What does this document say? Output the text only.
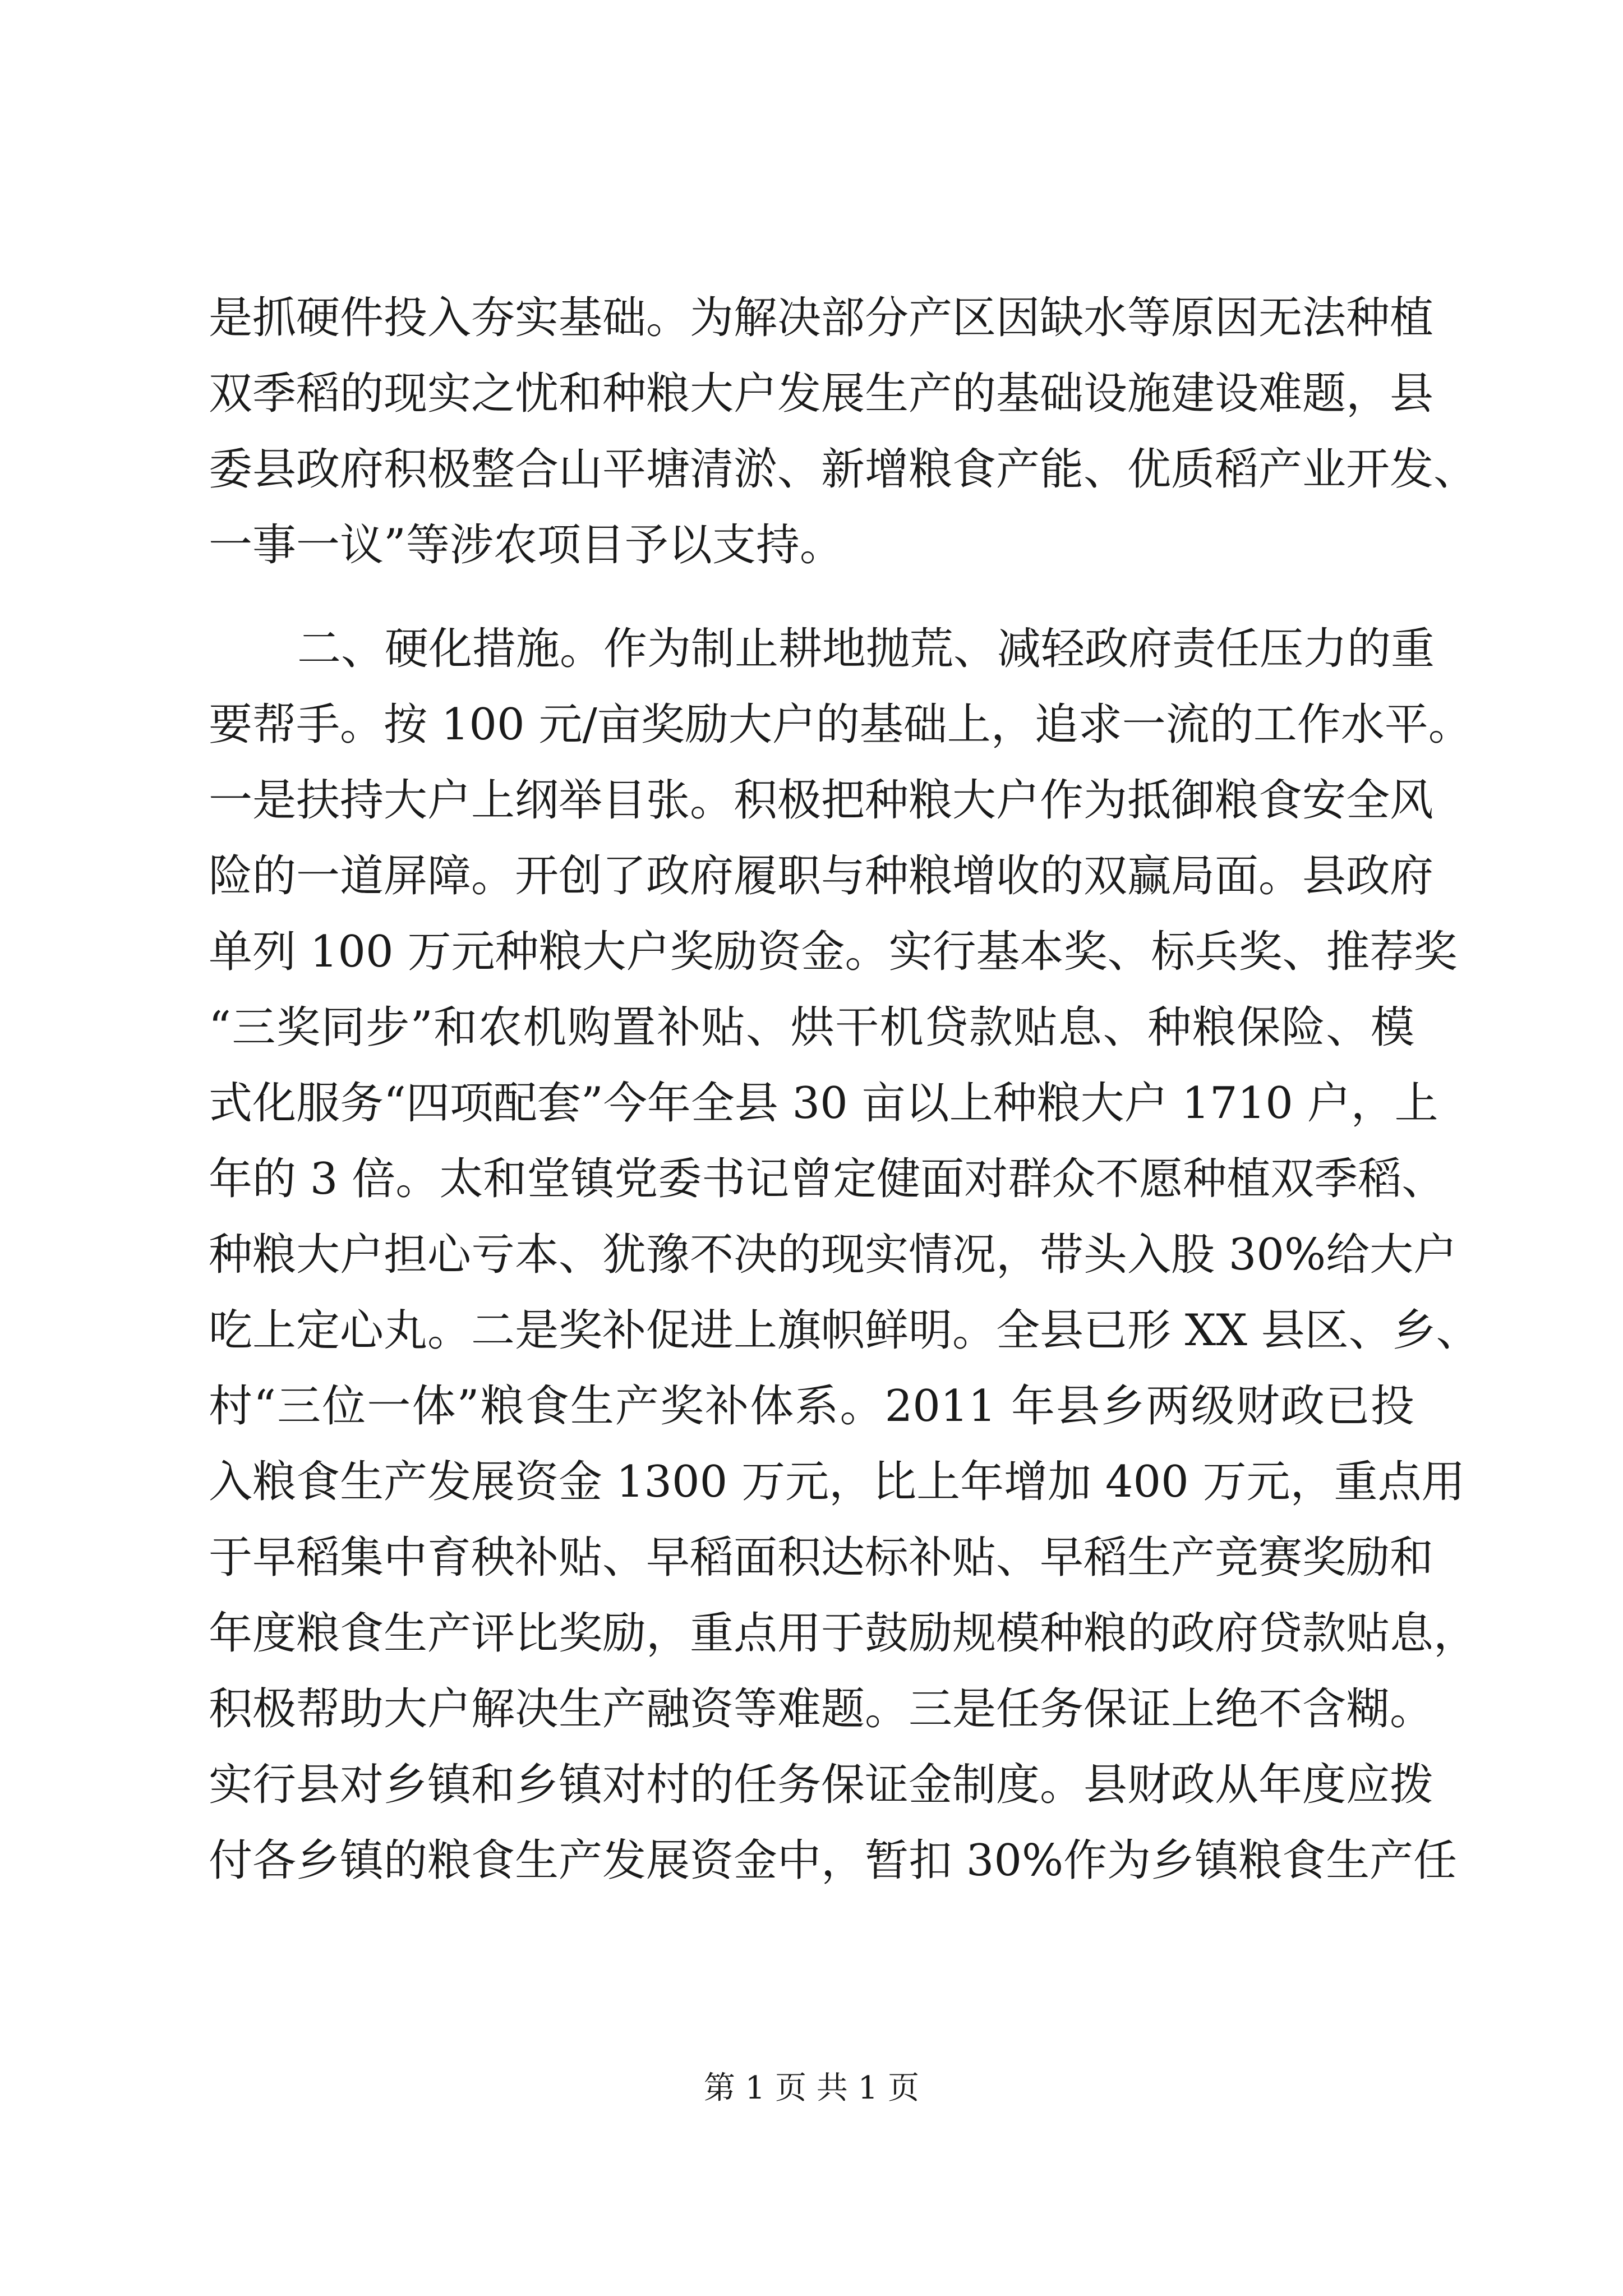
是抓硬件投入夯实基础。为解决部分产区因缺水等原因无法种植
双季稻的现实之忧和种粮大户发展生产的基础设施建设难题，县
委县政府积极整合山平塘清淤、新增粮食产能、优质稻产业开发、
一事一议”等涉农项目予以支持。
二、硬化措施。作为制止耕地抛荒、减轻政府责任压力的重
要帮手。按 100 元/亩奖励大户的基础上，追求一流的工作水平。
一是扶持大户上纲举目张。积极把种粮大户作为抵御粮食安全风
险的一道屏障。开创了政府履职与种粮增收的双赢局面。县政府
单列 100 万元种粮大户奖励资金。实行基本奖、标兵奖、推荐奖
“三奖同步”和农机购置补贴、烘干机贷款贴息、种粮保险、模
式化服务“四项配套”今年全县 30 亩以上种粮大户 1710 户，上
年的 3 倍。太和堂镇党委书记曾定健面对群众不愿种植双季稻、
种粮大户担心亏本、犹豫不决的现实情况，带头入股 30%给大户
吃上定心丸。二是奖补促进上旗帜鲜明。全县已形 XX 县区、乡、
村“三位一体”粮食生产奖补体系。2011 年县乡两级财政已投
入粮食生产发展资金 1300 万元，比上年增加 400 万元，重点用
于早稻集中育秧补贴、早稻面积达标补贴、早稻生产竞赛奖励和
年度粮食生产评比奖励，重点用于鼓励规模种粮的政府贷款贴息，
积极帮助大户解决生产融资等难题。三是任务保证上绝不含糊。
实行县对乡镇和乡镇对村的任务保证金制度。县财政从年度应拨
付各乡镇的粮食生产发展资金中，暂扣 30%作为乡镇粮食生产任
第 1 页 共 1 页
